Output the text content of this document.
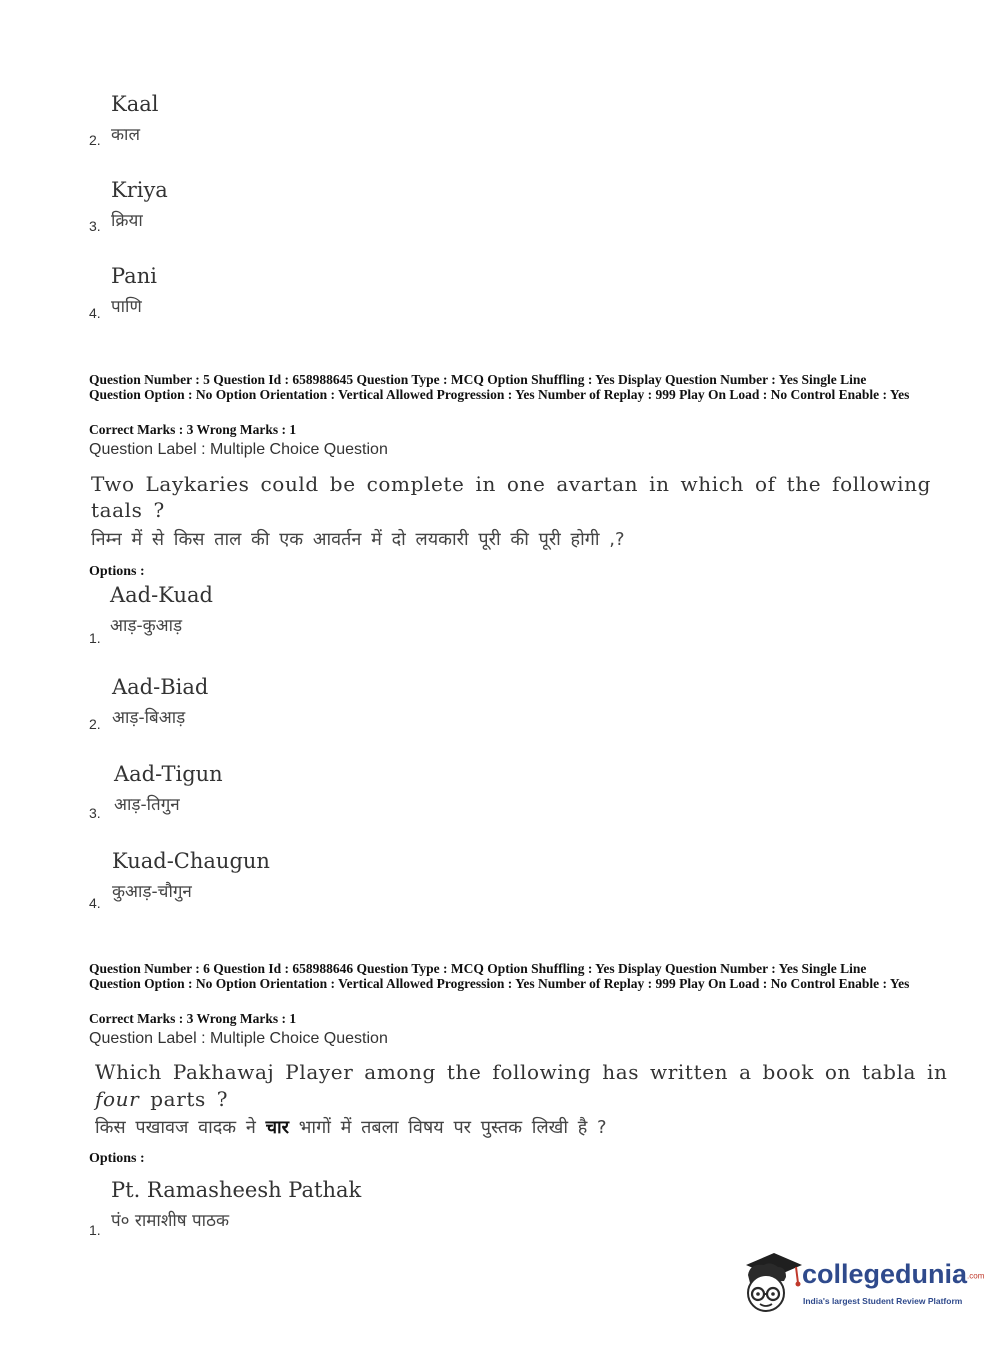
Kaal
काल
2.
Kriya
क्रिया
3.
Pani
पाणि
4.
Question Number : 5 Question Id : 658988645 Question Type : MCQ Option Shuffling : Yes Display Question Number : Yes Single Line Question Option : No Option Orientation : Vertical Allowed Progression : Yes Number of Replay : 999 Play On Load : No Control Enable : Yes
Correct Marks : 3 Wrong Marks : 1
Question Label : Multiple Choice Question
Two Laykaries could be complete in one avartan in which of the following
taals ?
निम्न में से किस ताल की एक आवर्तन में दो लयकारी पूरी की पूरी होगी ,?
Options :
Aad-Kuad
आड़-कुआड़
1.
Aad-Biad
आड़-बिआड़
2.
Aad-Tigun
आड़-तिगुन
3.
Kuad-Chaugun
कुआड़-चौगुन
4.
Question Number : 6 Question Id : 658988646 Question Type : MCQ Option Shuffling : Yes Display Question Number : Yes Single Line Question Option : No Option Orientation : Vertical Allowed Progression : Yes Number of Replay : 999 Play On Load : No Control Enable : Yes
Correct Marks : 3 Wrong Marks : 1
Question Label : Multiple Choice Question
Which Pakhawaj Player among the following has written a book on tabla in
four parts ?
किस पखावज वादक ने चार भागों में तबला विषय पर पुस्तक लिखी है ?
Options :
Pt. Ramasheesh Pathak
पं० रामाशीष पाठक
1.
collegedunia.com
India's largest Student Review Platform
